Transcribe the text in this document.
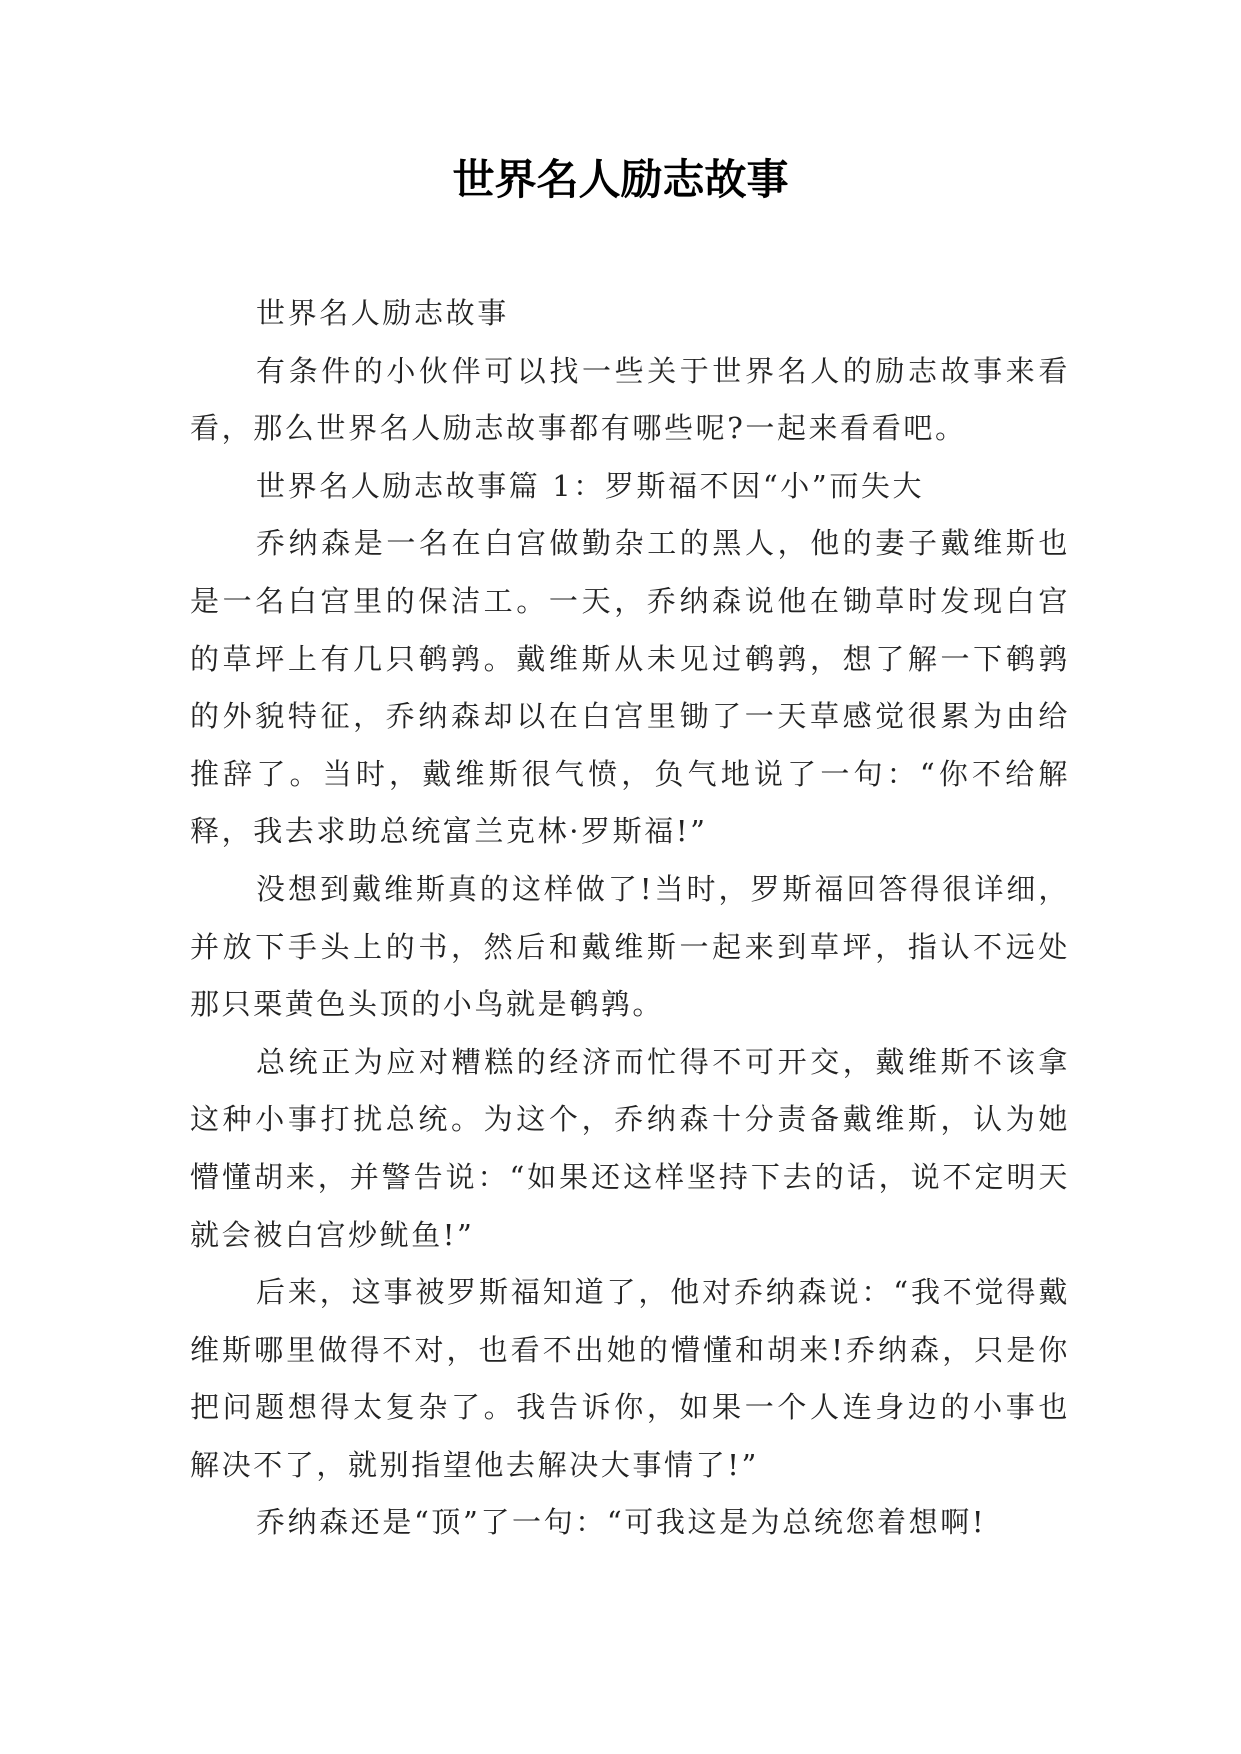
世界名人励志故事

世界名人励志故事

有条件的小伙伴可以找一些关于世界名人的励志故事来看看，那么世界名人励志故事都有哪些呢?一起来看看吧。

世界名人励志故事篇 1：罗斯福不因“小”而失大

乔纳森是一名在白宫做勤杂工的黑人，他的妻子戴维斯也是一名白宫里的保洁工。一天，乔纳森说他在锄草时发现白宫的草坪上有几只鹌鹑。戴维斯从未见过鹌鹑，想了解一下鹌鹑的外貌特征，乔纳森却以在白宫里锄了一天草感觉很累为由给推辞了。当时，戴维斯很气愤，负气地说了一句：“你不给解释，我去求助总统富兰克林·罗斯福!”

没想到戴维斯真的这样做了!当时，罗斯福回答得很详细，并放下手头上的书，然后和戴维斯一起来到草坪，指认不远处那只栗黄色头顶的小鸟就是鹌鹑。

总统正为应对糟糕的经济而忙得不可开交，戴维斯不该拿这种小事打扰总统。为这个，乔纳森十分责备戴维斯，认为她懵懂胡来，并警告说：“如果还这样坚持下去的话，说不定明天就会被白宫炒鱿鱼!”

后来，这事被罗斯福知道了，他对乔纳森说：“我不觉得戴维斯哪里做得不对，也看不出她的懵懂和胡来!乔纳森，只是你把问题想得太复杂了。我告诉你，如果一个人连身边的小事也解决不了，就别指望他去解决大事情了!”

乔纳森还是“顶”了一句：“可我这是为总统您着想啊!
